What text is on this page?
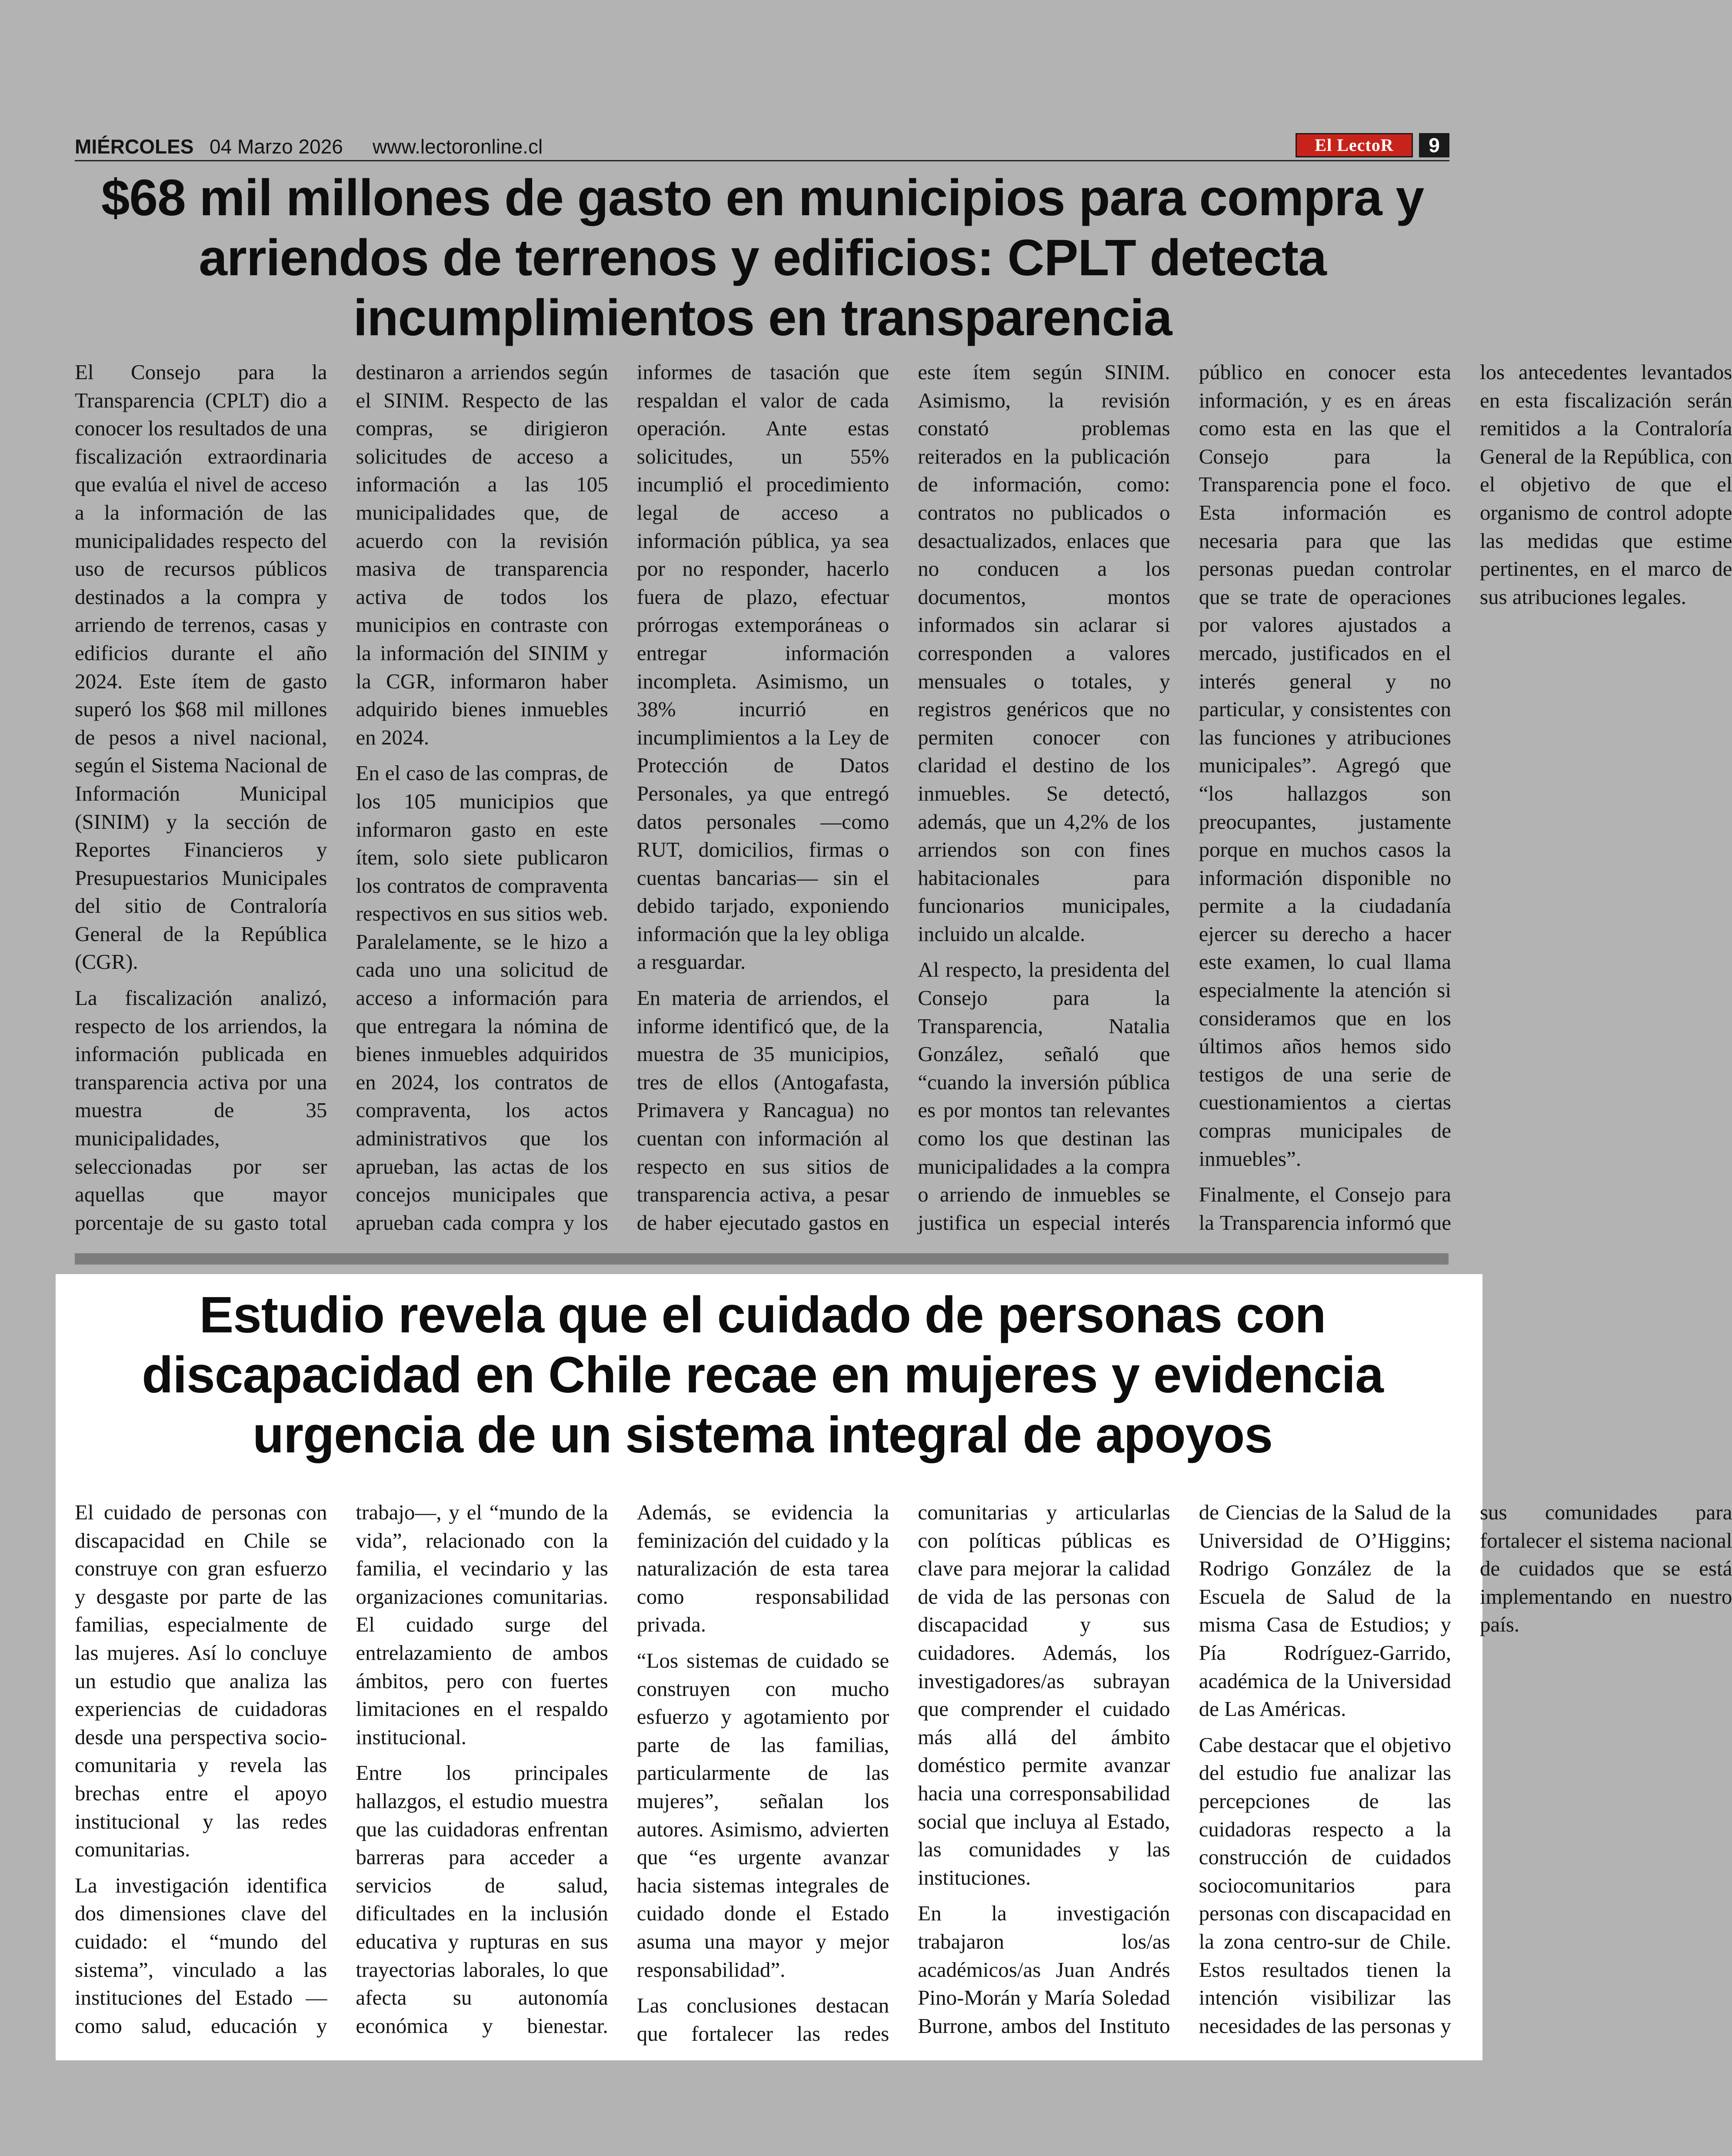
MIÉRCOLES 04 Marzo 2026 www.lectoronline.cl	El LectoR	9
$68 mil millones de gasto en municipios para compra y arriendos de terrenos y edificios: CPLT detecta incumplimientos en transparencia

El Consejo para la Transparencia (CPLT) dio a conocer los resultados de una fiscalización extraordinaria que evalúa el nivel de acceso a la información de las municipalidades respecto del uso de recursos públicos destinados a la compra y arriendo de terrenos, casas y edificios durante el año 2024. Este ítem de gasto superó los $68 mil millones de pesos a nivel nacional, según el Sistema Nacional de Información Municipal (SINIM) y la sección de Reportes Financieros y Presupuestarios Municipales del sitio de Contraloría General de la República (CGR).

La fiscalización analizó, respecto de los arriendos, la información publicada en transparencia activa por una muestra de 35 municipalidades, seleccionadas por ser aquellas que mayor porcentaje de su gasto total destinaron a arriendos según el SINIM. Respecto de las compras, se dirigieron solicitudes de acceso a información a las 105 municipalidades que, de acuerdo con la revisión masiva de transparencia activa de todos los municipios en contraste con la información del SINIM y la CGR, informaron haber adquirido bienes inmuebles en 2024.

En el caso de las compras, de los 105 municipios que informaron gasto en este ítem, solo siete publicaron los contratos de compraventa respectivos en sus sitios web. Paralelamente, se le hizo a cada uno una solicitud de acceso a información para que entregara la nómina de bienes inmuebles adquiridos en 2024, los contratos de compraventa, los actos administrativos que los aprueban, las actas de los concejos municipales que aprueban cada compra y los informes de tasación que respaldan el valor de cada operación. Ante estas solicitudes, un 55% incumplió el procedimiento legal de acceso a información pública, ya sea por no responder, hacerlo fuera de plazo, efectuar prórrogas extemporáneas o entregar información incompleta. Asimismo, un 38% incurrió en incumplimientos a la Ley de Protección de Datos Personales, ya que entregó datos personales —como RUT, domicilios, firmas o cuentas bancarias— sin el debido tarjado, exponiendo información que la ley obliga a resguardar.

En materia de arriendos, el informe identificó que, de la muestra de 35 municipios, tres de ellos (Antogafasta, Primavera y Rancagua) no cuentan con información al respecto en sus sitios de transparencia activa, a pesar de haber ejecutado gastos en este ítem según SINIM. Asimismo, la revisión constató problemas reiterados en la publicación de información, como: contratos no publicados o desactualizados, enlaces que no conducen a los documentos, montos informados sin aclarar si corresponden a valores mensuales o totales, y registros genéricos que no permiten conocer con claridad el destino de los inmuebles. Se detectó, además, que un 4,2% de los arriendos son con fines habitacionales para funcionarios municipales, incluido un alcalde.

Al respecto, la presidenta del Consejo para la Transparencia, Natalia González, señaló que “cuando la inversión pública es por montos tan relevantes como los que destinan las municipalidades a la compra o arriendo de inmuebles se justifica un especial interés público en conocer esta información, y es en áreas como esta en las que el Consejo para la Transparencia pone el foco. Esta información es necesaria para que las personas puedan controlar que se trate de operaciones por valores ajustados a mercado, justificados en el interés general y no particular, y consistentes con las funciones y atribuciones municipales”. Agregó que “los hallazgos son preocupantes, justamente porque en muchos casos la información disponible no permite a la ciudadanía ejercer su derecho a hacer este examen, lo cual llama especialmente la atención si consideramos que en los últimos años hemos sido testigos de una serie de cuestionamientos a ciertas compras municipales de inmuebles”.

Finalmente, el Consejo para la Transparencia informó que los antecedentes levantados en esta fiscalización serán remitidos a la Contraloría General de la República, con el objetivo de que el organismo de control adopte las medidas que estime pertinentes, en el marco de sus atribuciones legales.

Estudio revela que el cuidado de personas con discapacidad en Chile recae en mujeres y evidencia urgencia de un sistema integral de apoyos

El cuidado de personas con discapacidad en Chile se construye con gran esfuerzo y desgaste por parte de las familias, especialmente de las mujeres. Así lo concluye un estudio que analiza las experiencias de cuidadoras desde una perspectiva socio-comunitaria y revela las brechas entre el apoyo institucional y las redes comunitarias.

La investigación identifica dos dimensiones clave del cuidado: el “mundo del sistema”, vinculado a las instituciones del Estado —como salud, educación y trabajo—, y el “mundo de la vida”, relacionado con la familia, el vecindario y las organizaciones comunitarias. El cuidado surge del entrelazamiento de ambos ámbitos, pero con fuertes limitaciones en el respaldo institucional.

Entre los principales hallazgos, el estudio muestra que las cuidadoras enfrentan barreras para acceder a servicios de salud, dificultades en la inclusión educativa y rupturas en sus trayectorias laborales, lo que afecta su autonomía económica y bienestar. Además, se evidencia la feminización del cuidado y la naturalización de esta tarea como responsabilidad privada.

“Los sistemas de cuidado se construyen con mucho esfuerzo y agotamiento por parte de las familias, particularmente de las mujeres”, señalan los autores. Asimismo, advierten que “es urgente avanzar hacia sistemas integrales de cuidado donde el Estado asuma una mayor y mejor responsabilidad”.

Las conclusiones destacan que fortalecer las redes comunitarias y articularlas con políticas públicas es clave para mejorar la calidad de vida de las personas con discapacidad y sus cuidadores. Además, los investigadores/as subrayan que comprender el cuidado más allá del ámbito doméstico permite avanzar hacia una corresponsabilidad social que incluya al Estado, las comunidades y las instituciones.

En la investigación trabajaron los/as académicos/as Juan Andrés Pino-Morán y María Soledad Burrone, ambos del Instituto de Ciencias de la Salud de la Universidad de O’Higgins; Rodrigo González de la Escuela de Salud de la misma Casa de Estudios; y Pía Rodríguez-Garrido, académica de la Universidad de Las Américas.

Cabe destacar que el objetivo del estudio fue analizar las percepciones de las cuidadoras respecto a la construcción de cuidados sociocomunitarios para personas con discapacidad en la zona centro-sur de Chile. Estos resultados tienen la intención visibilizar las necesidades de las personas y sus comunidades para fortalecer el sistema nacional de cuidados que se está implementando en nuestro país.
